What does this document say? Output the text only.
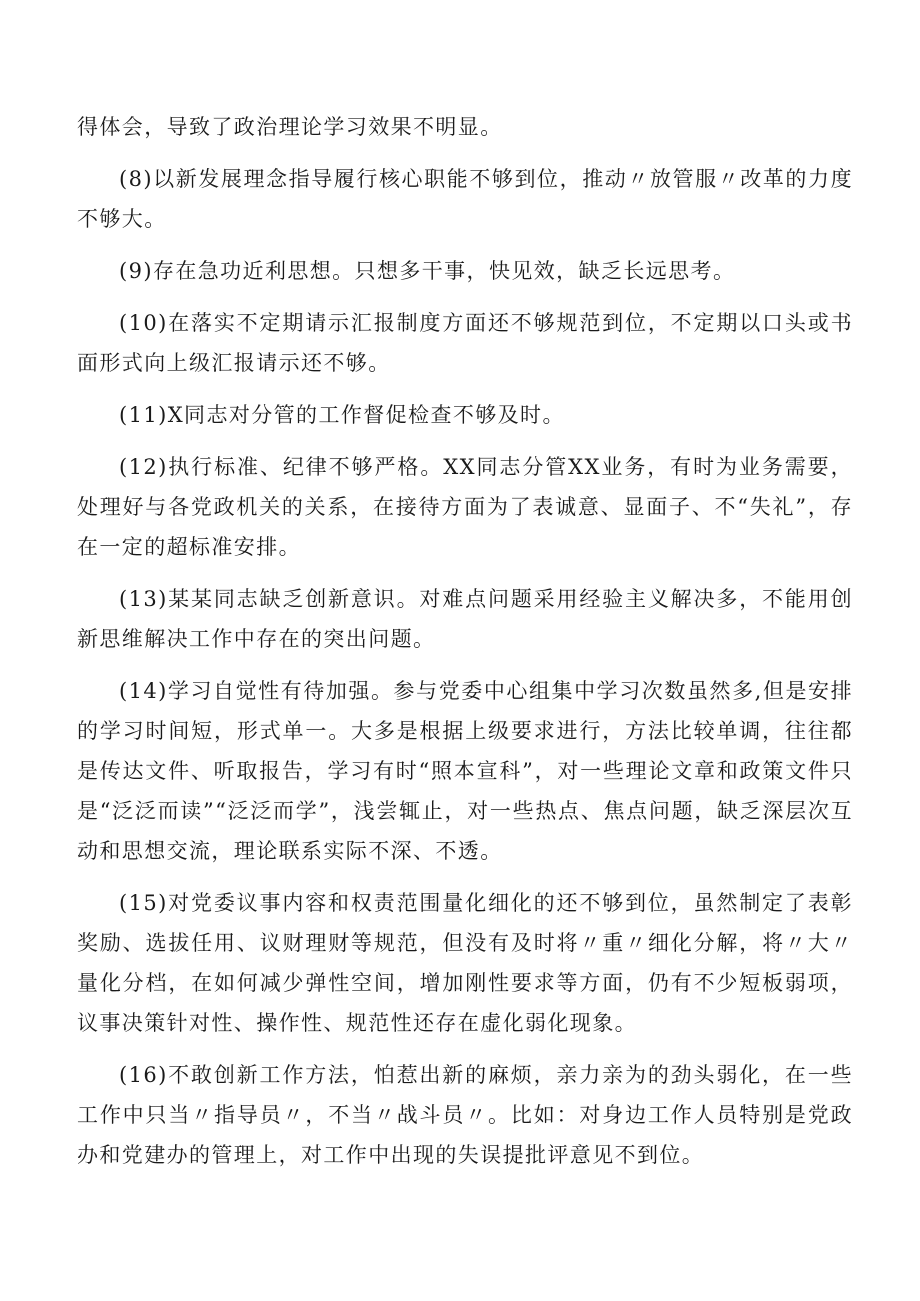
得体会，导致了政治理论学习效果不明显。

(8)以新发展理念指导履行核心职能不够到位，推动〃放管服〃改革的力度不够大。

(9)存在急功近利思想。只想多干事，快见效，缺乏长远思考。

(10)在落实不定期请示汇报制度方面还不够规范到位，不定期以口头或书面形式向上级汇报请示还不够。

(11)X同志对分管的工作督促检查不够及时。

(12)执行标准、纪律不够严格。XX同志分管XX业务，有时为业务需要，处理好与各党政机关的关系，在接待方面为了表诚意、显面子、不“失礼”，存在一定的超标准安排。

(13)某某同志缺乏创新意识。对难点问题采用经验主义解决多，不能用创新思维解决工作中存在的突出问题。

(14)学习自觉性有待加强。参与党委中心组集中学习次数虽然多,但是安排的学习时间短，形式单一。大多是根据上级要求进行，方法比较单调，往往都是传达文件、听取报告，学习有时“照本宣科”，对一些理论文章和政策文件只是“泛泛而读”“泛泛而学”，浅尝辄止，对一些热点、焦点问题，缺乏深层次互动和思想交流，理论联系实际不深、不透。

(15)对党委议事内容和权责范围量化细化的还不够到位，虽然制定了表彰奖励、选拔任用、议财理财等规范，但没有及时将〃重〃细化分解，将〃大〃量化分档，在如何减少弹性空间，增加刚性要求等方面，仍有不少短板弱项，议事决策针对性、操作性、规范性还存在虚化弱化现象。

(16)不敢创新工作方法，怕惹出新的麻烦，亲力亲为的劲头弱化，在一些工作中只当〃指导员〃，不当〃战斗员〃。比如：对身边工作人员特别是党政办和党建办的管理上，对工作中出现的失误提批评意见不到位。
